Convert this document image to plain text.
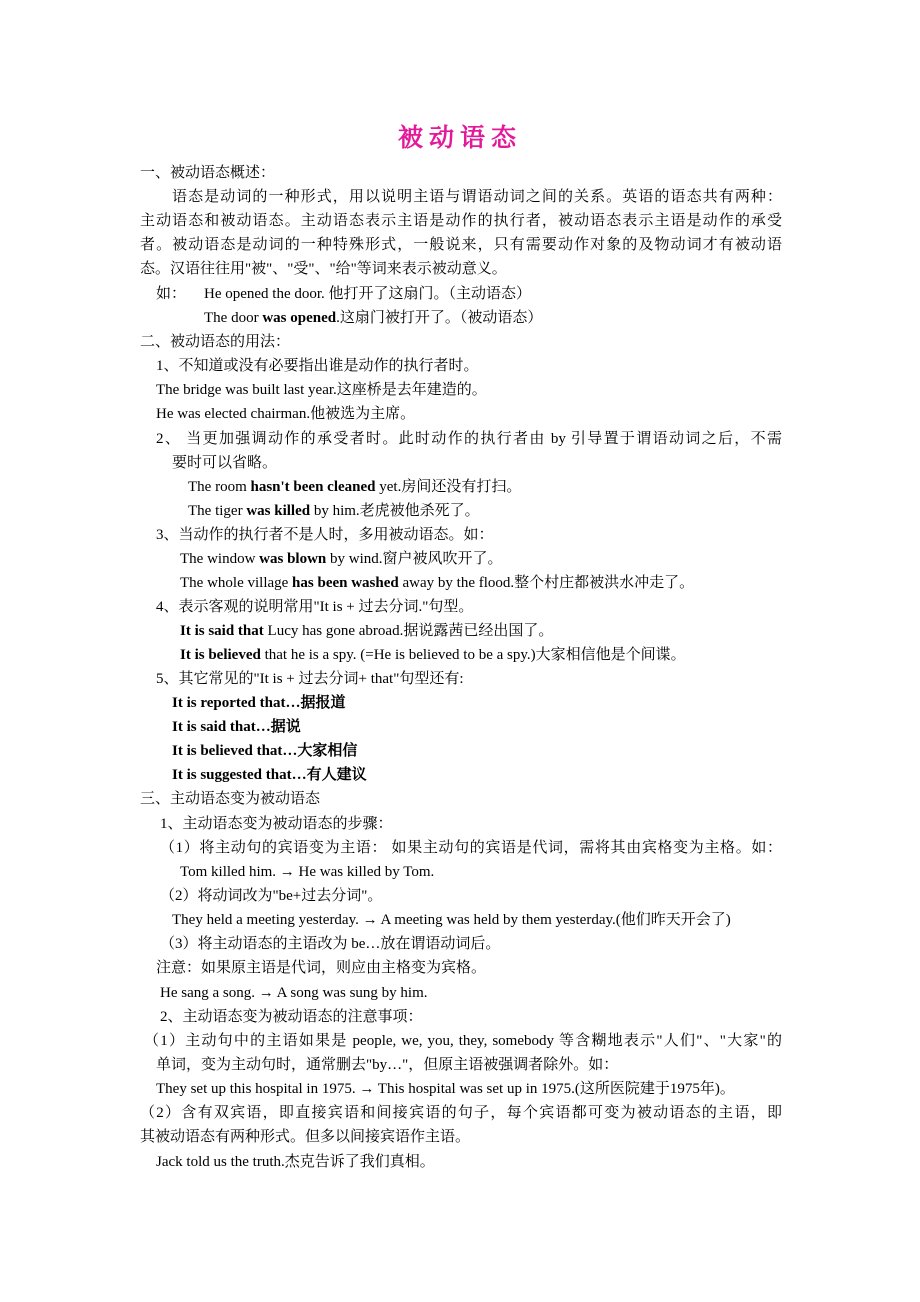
被动语态
一、被动语态概述：
语态是动词的一种形式，用以说明主语与谓语动词之间的关系。英语的语态共有两种：
主动语态和被动语态。主动语态表示主语是动作的执行者，被动语态表示主语是动作的承受
者。被动语态是动词的一种特殊形式，一般说来，只有需要动作对象的及物动词才有被动语
态。汉语往往用"被"、"受"、"给"等词来表示被动意义。
如： He opened the door. 他打开了这扇门。（主动语态）
The door was opened.这扇门被打开了。（被动语态）
二、被动语态的用法：
1、不知道或没有必要指出谁是动作的执行者时。
The bridge was built last year.这座桥是去年建造的。
He was elected chairman.他被选为主席。
2、 当更加强调动作的承受者时。此时动作的执行者由 by 引导置于谓语动词之后，不需
要时可以省略。
The room hasn't been cleaned yet.房间还没有打扫。
The tiger was killed by him.老虎被他杀死了。
3、当动作的执行者不是人时，多用被动语态。如：
The window was blown by wind.窗户被风吹开了。
The whole village has been washed away by the flood.整个村庄都被洪水冲走了。
4、表示客观的说明常用"It is + 过去分词."句型。
It is said that Lucy has gone abroad.据说露茜已经出国了。
It is believed that he is a spy. (=He is believed to be a spy.)大家相信他是个间谍。
5、其它常见的"It is + 过去分词+ that"句型还有:
It is reported that…据报道
It is said that…据说
It is believed that…大家相信
It is suggested that…有人建议
三、主动语态变为被动语态
1、主动语态变为被动语态的步骤：
（1）将主动句的宾语变为主语： 如果主动句的宾语是代词，需将其由宾格变为主格。如：
Tom killed him. → He was killed by Tom.
（2）将动词改为"be+过去分词"。
They held a meeting yesterday. → A meeting was held by them yesterday.(他们昨天开会了)
（3）将主动语态的主语改为 be…放在谓语动词后。
注意：如果原主语是代词，则应由主格变为宾格。
He sang a song. → A song was sung by him.
2、主动语态变为被动语态的注意事项：
（1）主动句中的主语如果是 people, we, you, they, somebody 等含糊地表示"人们"、"大家"的
单词，变为主动句时，通常删去"by…"，但原主语被强调者除外。如：
They set up this hospital in 1975. → This hospital was set up in 1975.(这所医院建于1975年)。
（2）含有双宾语，即直接宾语和间接宾语的句子，每个宾语都可变为被动语态的主语，即
其被动语态有两种形式。但多以间接宾语作主语。
Jack told us the truth.杰克告诉了我们真相。
